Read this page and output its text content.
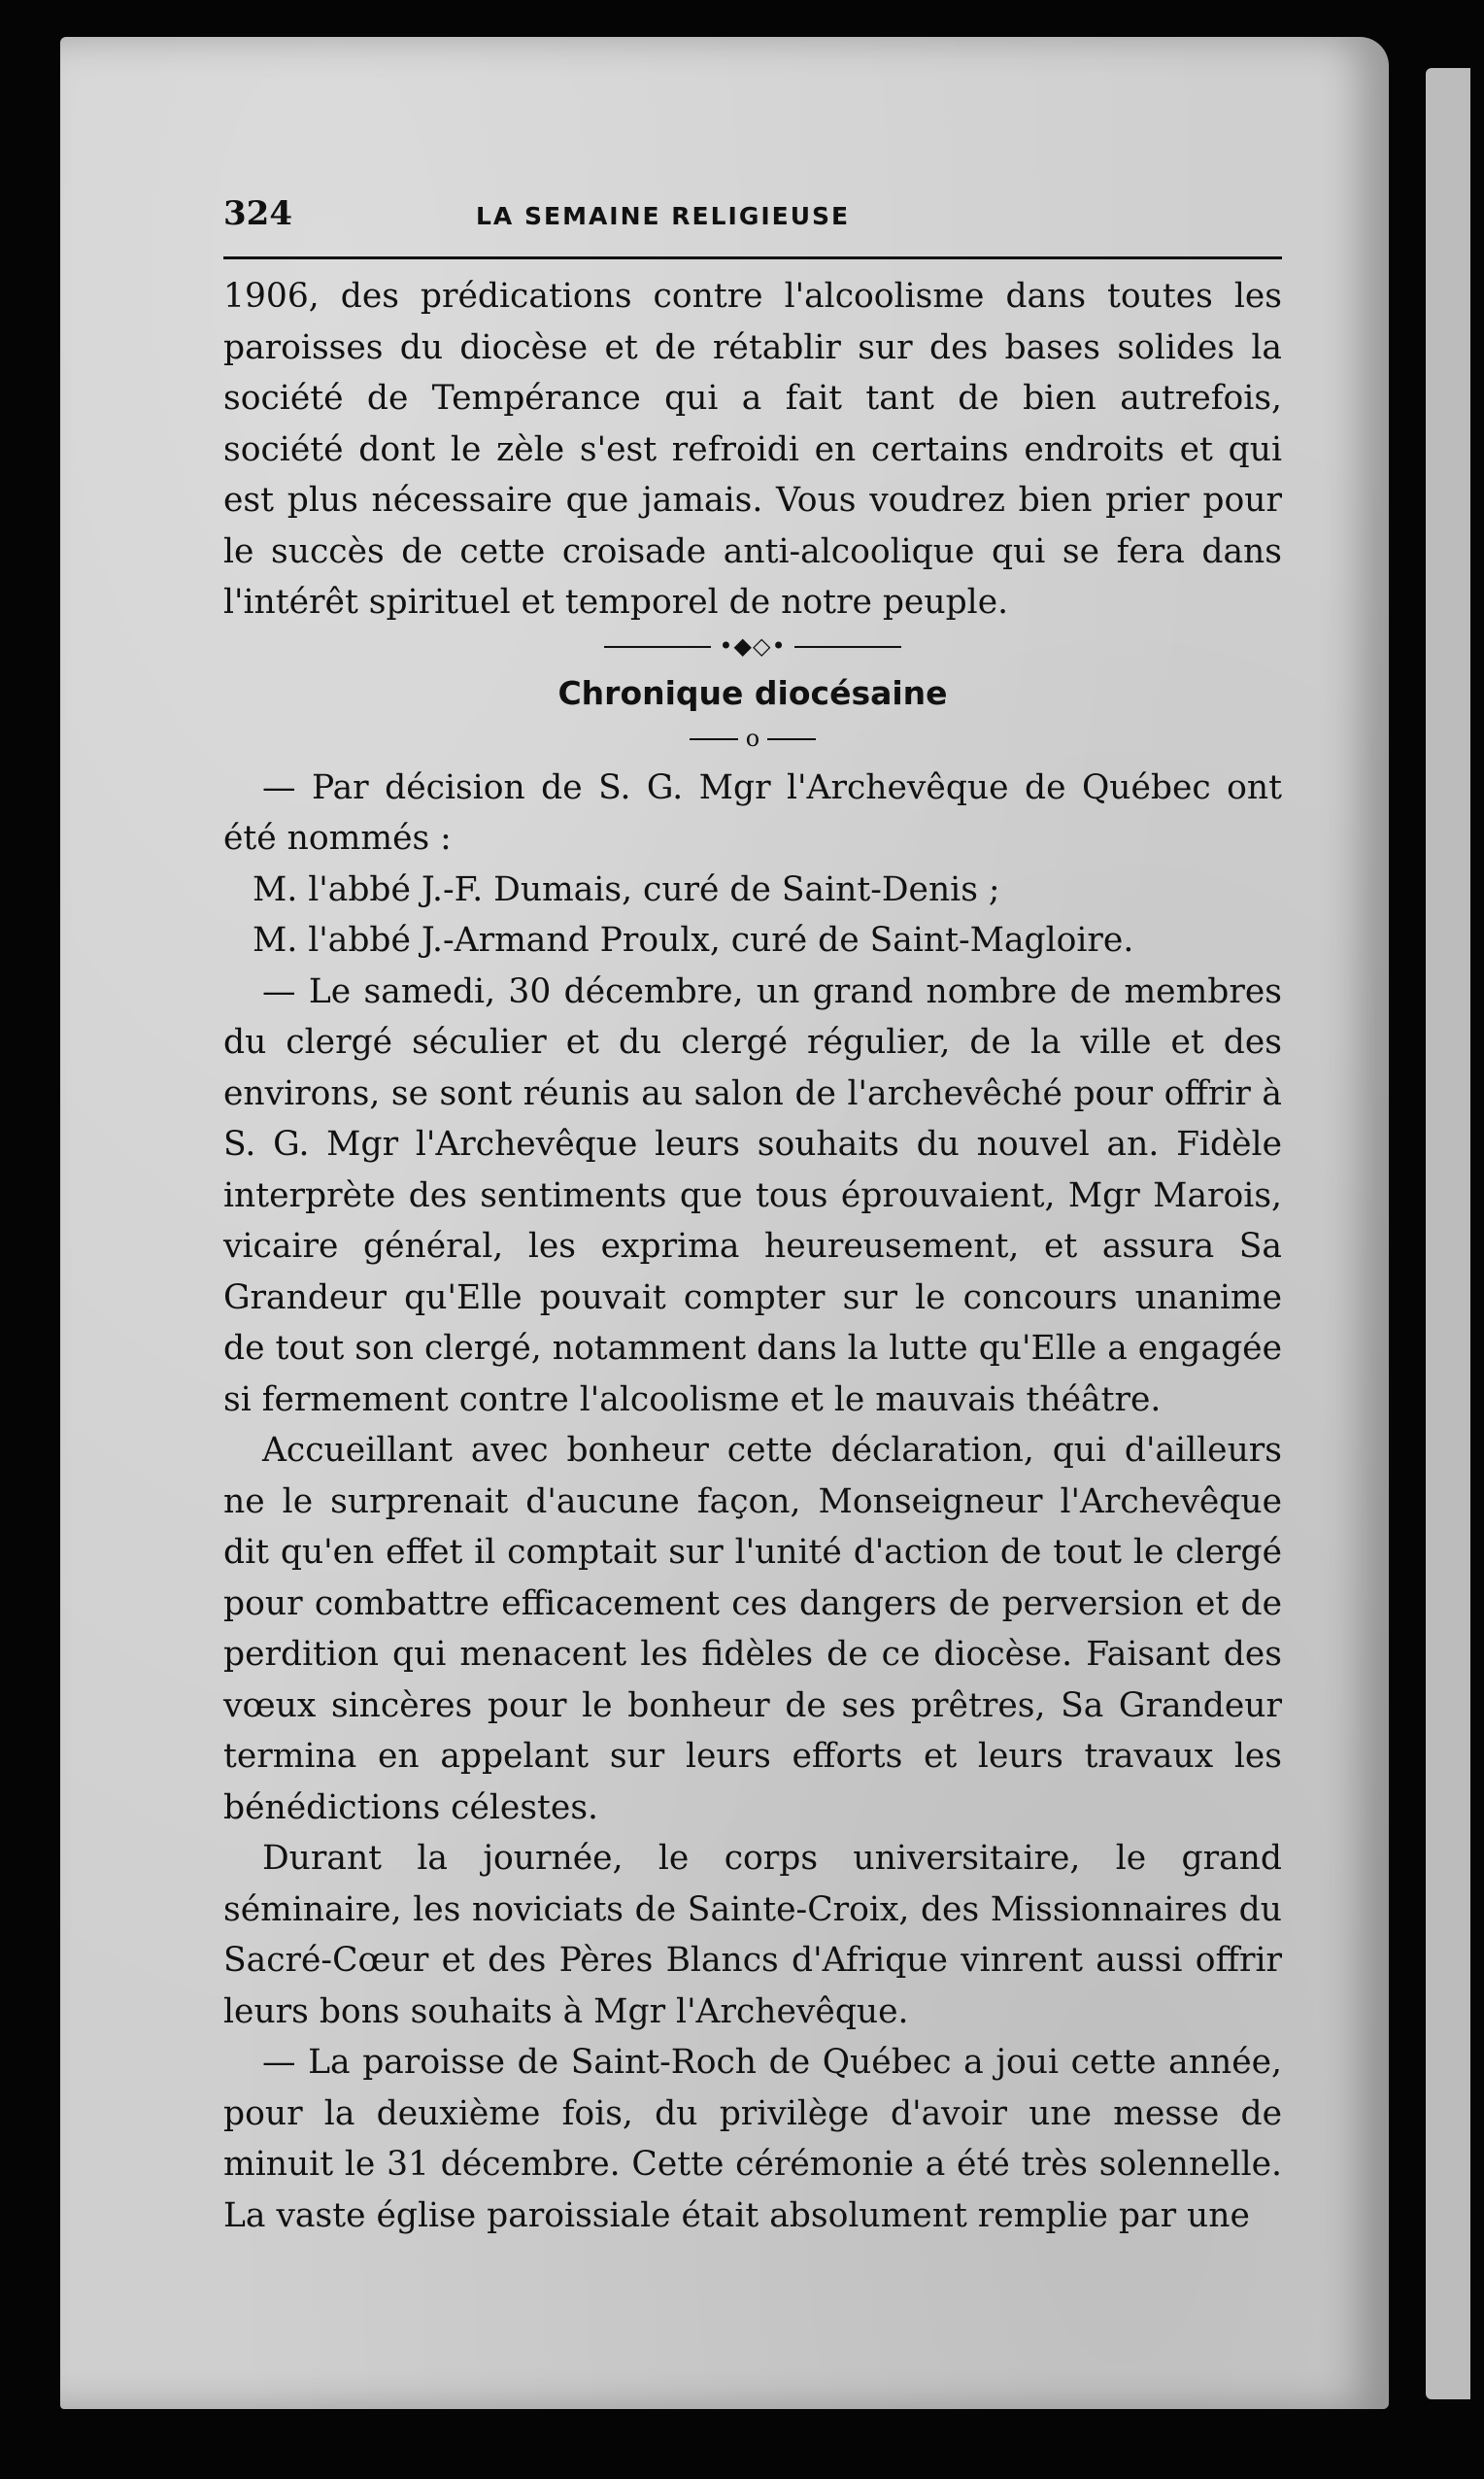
324	LA SEMAINE RELIGIEUSE

1906, des prédications contre l'alcoolisme dans toutes les paroisses du diocèse et de rétablir sur des bases solides la société de Tempérance qui a fait tant de bien autrefois, société dont le zèle s'est refroidi en certains endroits et qui est plus nécessaire que jamais. Vous voudrez bien prier pour le succès de cette croisade anti-alcoolique qui se fera dans l'intérêt spirituel et temporel de notre peuple.

•◆◇•
Chronique diocésaine
o

— Par décision de S. G. Mgr l'Archevêque de Québec ont été nommés :

M. l'abbé J.-F. Dumais, curé de Saint-Denis ;

M. l'abbé J.-Armand Proulx, curé de Saint-Magloire.

— Le samedi, 30 décembre, un grand nombre de membres du clergé séculier et du clergé régulier, de la ville et des environs, se sont réunis au salon de l'archevêché pour offrir à S. G. Mgr l'Archevêque leurs souhaits du nouvel an. Fidèle interprète des sentiments que tous éprouvaient, Mgr Marois, vicaire général, les exprima heureusement, et assura Sa Grandeur qu'Elle pouvait compter sur le concours unanime de tout son clergé, notamment dans la lutte qu'Elle a engagée si fermement contre l'alcoolisme et le mauvais théâtre.

Accueillant avec bonheur cette déclaration, qui d'ailleurs ne le surprenait d'aucune façon, Monseigneur l'Archevêque dit qu'en effet il comptait sur l'unité d'action de tout le clergé pour combattre efficacement ces dangers de perversion et de perdition qui menacent les fidèles de ce diocèse. Faisant des vœux sincères pour le bonheur de ses prêtres, Sa Grandeur termina en appelant sur leurs efforts et leurs travaux les bénédictions célestes.

Durant la journée, le corps universitaire, le grand séminaire, les noviciats de Sainte-Croix, des Missionnaires du Sacré-Cœur et des Pères Blancs d'Afrique vinrent aussi offrir leurs bons souhaits à Mgr l'Archevêque.

— La paroisse de Saint-Roch de Québec a joui cette année, pour la deuxième fois, du privilège d'avoir une messe de minuit le 31 décembre. Cette cérémonie a été très solennelle. La vaste église paroissiale était absolument remplie par une
